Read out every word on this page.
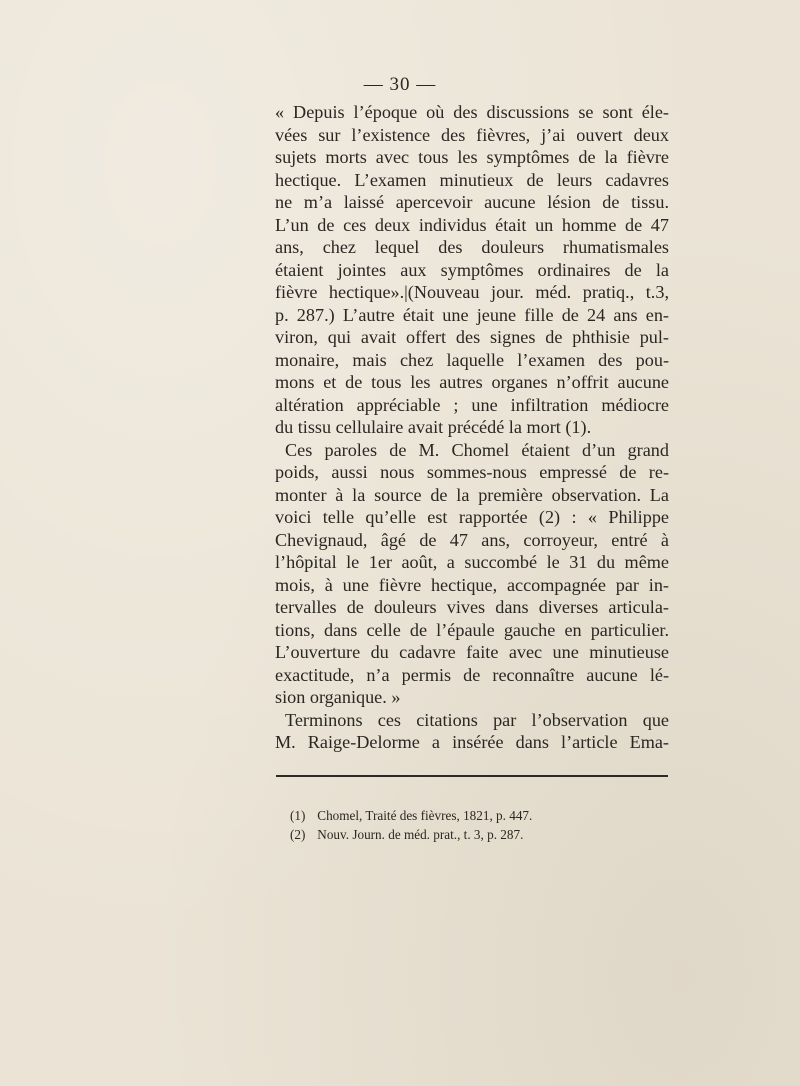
— 30 —
« Depuis l’époque où des discussions se sont éle-
vées sur l’existence des fièvres, j’ai ouvert deux
sujets morts avec tous les symptômes de la fièvre
hectique. L’examen minutieux de leurs cadavres
ne m’a laissé apercevoir aucune lésion de tissu.
L’un de ces deux individus était un homme de 47
ans, chez lequel des douleurs rhumatismales
étaient jointes aux symptômes ordinaires de la
fièvre hectique».|(Nouveau jour. méd. pratiq., t.3,
p. 287.) L’autre était une jeune fille de 24 ans en-
viron, qui avait offert des signes de phthisie pul-
monaire, mais chez laquelle l’examen des pou-
mons et de tous les autres organes n’offrit aucune
altération appréciable ; une infiltration médiocre
du tissu cellulaire avait précédé la mort (1).
Ces paroles de M. Chomel étaient d’un grand
poids, aussi nous sommes-nous empressé de re-
monter à la source de la première observation. La
voici telle qu’elle est rapportée (2) : « Philippe
Chevignaud, âgé de 47 ans, corroyeur, entré à
l’hôpital le 1er août, a succombé le 31 du même
mois, à une fièvre hectique, accompagnée par in-
tervalles de douleurs vives dans diverses articula-
tions, dans celle de l’épaule gauche en particulier.
L’ouverture du cadavre faite avec une minutieuse
exactitude, n’a permis de reconnaître aucune lé-
sion organique. »
Terminons ces citations par l’observation que
M. Raige-Delorme a insérée dans l’article Ema-
(1) Chomel, Traité des fièvres, 1821, p. 447.
(2) Nouv. Journ. de méd. prat., t. 3, p. 287.
